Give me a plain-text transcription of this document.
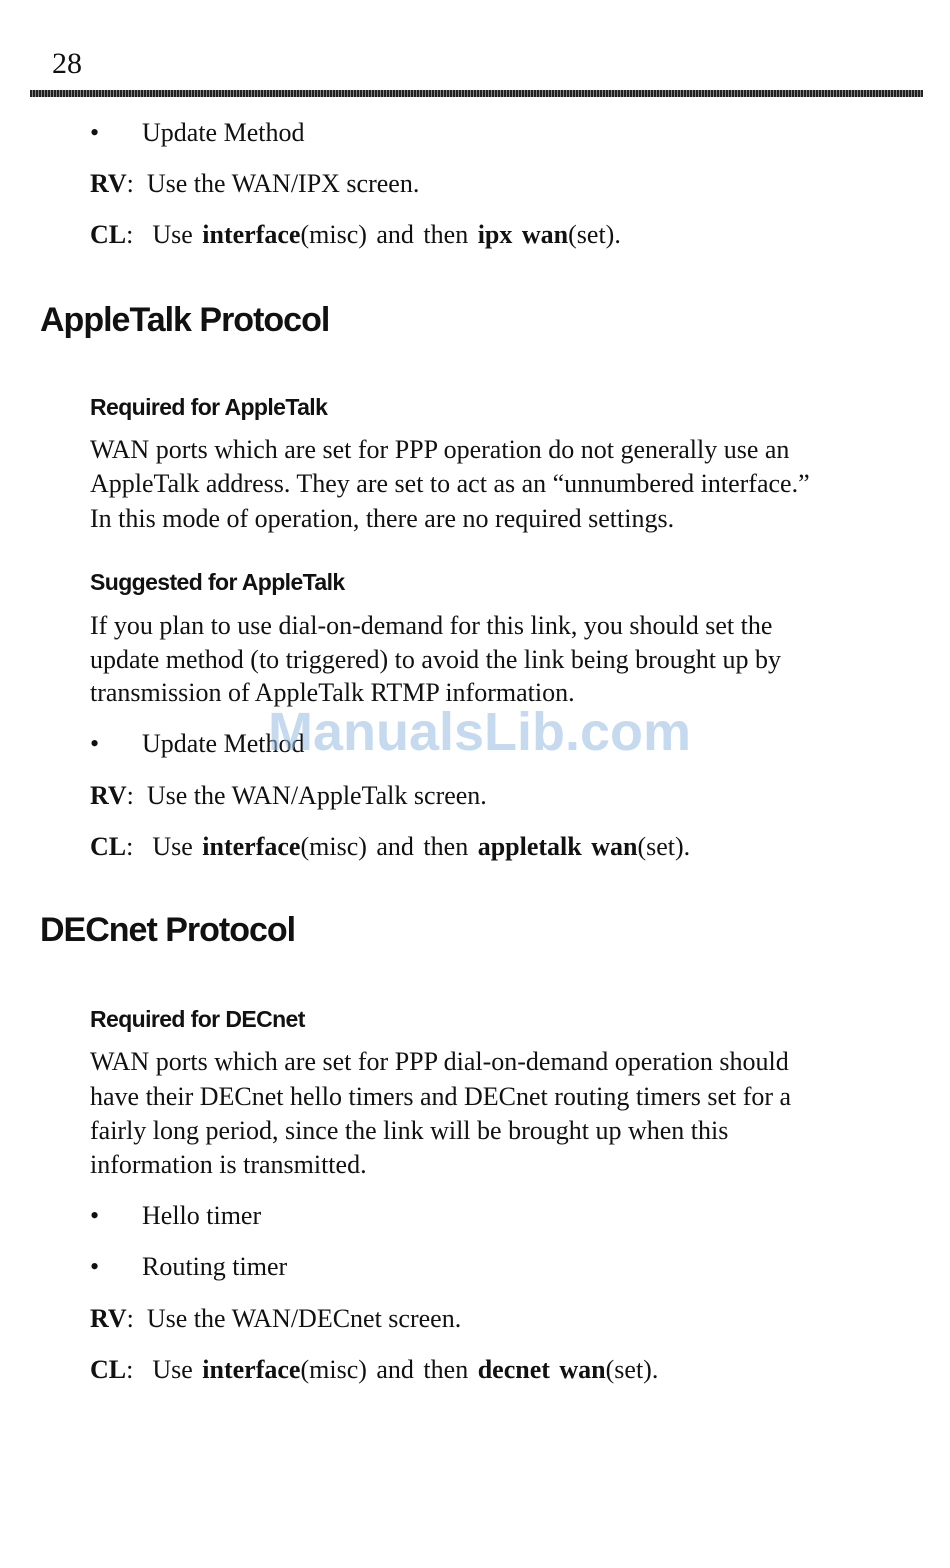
28
• Update Method
RV:  Use the WAN/IPX screen.
CL:  Use interface(misc) and then ipx wan(set).
AppleTalk Protocol
Required for AppleTalk
WAN ports which are set for PPP operation do not generally use an
AppleTalk address. They are set to act as an “unnumbered interface.”
In this mode of operation, there are no required settings.
Suggested for AppleTalk
If you plan to use dial-on-demand for this link, you should set the
update method (to triggered) to avoid the link being brought up by
transmission of AppleTalk RTMP information.
• Update Method
RV:  Use the WAN/AppleTalk screen.
CL:  Use interface(misc) and then appletalk wan(set).
DECnet Protocol
Required for DECnet
WAN ports which are set for PPP dial-on-demand operation should
have their DECnet hello timers and DECnet routing timers set for a
fairly long period, since the link will be brought up when this
information is transmitted.
• Hello timer
• Routing timer
RV:  Use the WAN/DECnet screen.
CL:  Use interface(misc) and then decnet wan(set).
ManualsLib.com
